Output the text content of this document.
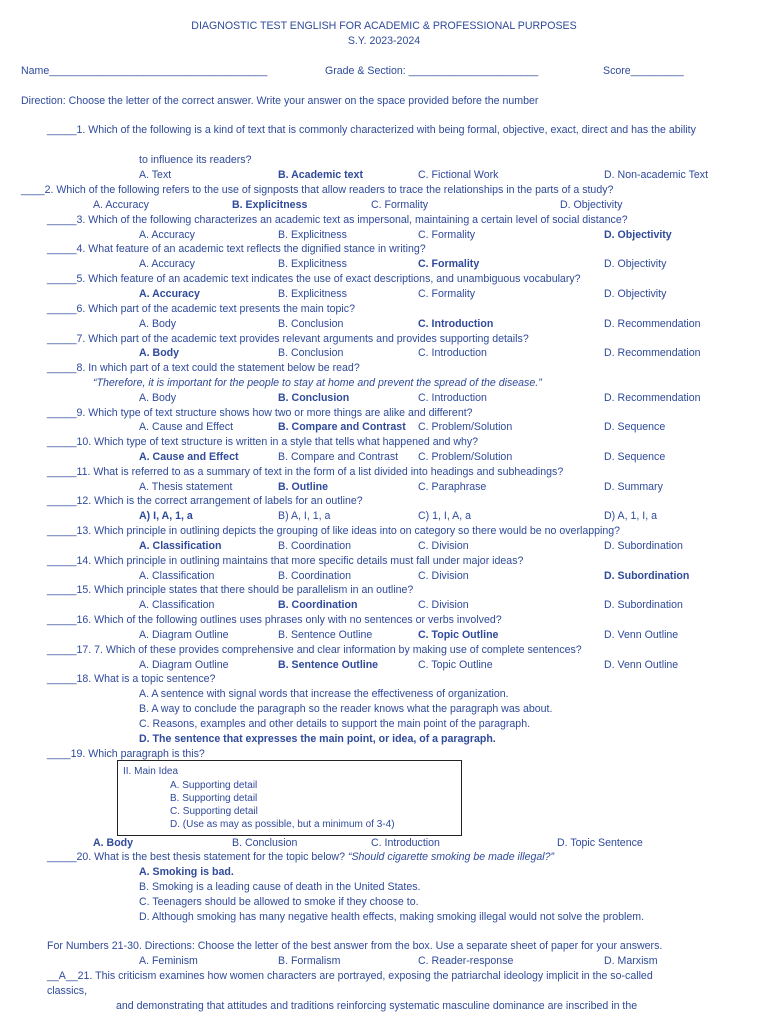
DIAGNOSTIC TEST ENGLISH FOR ACADEMIC & PROFESSIONAL PURPOSES
S.Y. 2023-2024
Name_____________________________________	Grade & Section: ______________________	Score_________
Direction: Choose the letter of the correct answer. Write your answer on the space provided before the number
_____1. Which of the following is a kind of text that is commonly characterized with being formal, objective, exact, direct and has the ability
to influence its readers?
A. Text	B. Academic text	C. Fictional Work	D. Non-academic Text
____2. Which of the following refers to the use of signposts that allow readers to trace the relationships in the parts of a study?
A. Accuracy	B. Explicitness	C. Formality	D. Objectivity
_____3. Which of the following characterizes an academic text as impersonal, maintaining a certain level of social distance?
A. Accuracy	B. Explicitness	C. Formality	D. Objectivity
_____4. What feature of an academic text reflects the dignified stance in writing?
A. Accuracy	B. Explicitness	C. Formality	D. Objectivity
_____5. Which feature of an academic text indicates the use of exact descriptions, and unambiguous vocabulary?
A. Accuracy	B. Explicitness	C. Formality	D. Objectivity
_____6. Which part of the academic text presents the main topic?
A. Body	B. Conclusion	C. Introduction	D. Recommendation
_____7. Which part of the academic text provides relevant arguments and provides supporting details?
A. Body	B. Conclusion	C. Introduction	D. Recommendation
_____8. In which part of a text could the statement below be read?
“Therefore, it is important for the people to stay at home and prevent the spread of the disease.”
A. Body	B. Conclusion	C. Introduction	D. Recommendation
_____9. Which type of text structure shows how two or more things are alike and different?
A. Cause and Effect	B. Compare and Contrast C. Problem/Solution	D. Sequence
_____10. Which type of text structure is written in a style that tells what happened and why?
A. Cause and Effect	B. Compare and Contrast C. Problem/Solution	D. Sequence
_____11. What is referred to as a summary of text in the form of a list divided into headings and subheadings?
A. Thesis statement	B. Outline	C. Paraphrase	D. Summary
_____12. Which is the correct arrangement of labels for an outline?
A) I, A, 1, a	B) A, I, 1, a	C) 1, I, A, a	D) A, 1, I, a
_____13. Which principle in outlining depicts the grouping of like ideas into on category so there would be no overlapping?
A. Classification	B. Coordination	C. Division	D. Subordination
_____14. Which principle in outlining maintains that more specific details must fall under major ideas?
A. Classification	B. Coordination	C. Division	D. Subordination
_____15. Which principle states that there should be parallelism in an outline?
A. Classification	B. Coordination	C. Division	D. Subordination
_____16. Which of the following outlines uses phrases only with no sentences or verbs involved?
A. Diagram Outline	B. Sentence Outline	C. Topic Outline	D. Venn Outline
_____17. 7. Which of these provides comprehensive and clear information by making use of complete sentences?
A. Diagram Outline	B. Sentence Outline	C. Topic Outline	D. Venn Outline
_____18. What is a topic sentence?
A. A sentence with signal words that increase the effectiveness of organization.
B. A way to conclude the paragraph so the reader knows what the paragraph was about.
C. Reasons, examples and other details to support the main point of the paragraph.
D. The sentence that expresses the main point, or idea, of a paragraph.
____19. Which paragraph is this?
II. Main Idea
A. Supporting detail
B. Supporting detail
C. Supporting detail
D. (Use as may as possible, but a minimum of 3-4)
A. Body	B. Conclusion	C. Introduction	D. Topic Sentence
_____20. What is the best thesis statement for the topic below? “Should cigarette smoking be made illegal?”
A. Smoking is bad.
B. Smoking is a leading cause of death in the United States.
C. Teenagers should be allowed to smoke if they choose to.
D. Although smoking has many negative health effects, making smoking illegal would not solve the problem.
For Numbers 21-30. Directions: Choose the letter of the best answer from the box. Use a separate sheet of paper for your answers.
A. Feminism	B. Formalism	C. Reader-response	D. Marxism
__A__21. This criticism examines how women characters are portrayed, exposing the patriarchal ideology implicit in the so-called
classics,
and demonstrating that attitudes and traditions reinforcing systematic masculine dominance are inscribed in the
